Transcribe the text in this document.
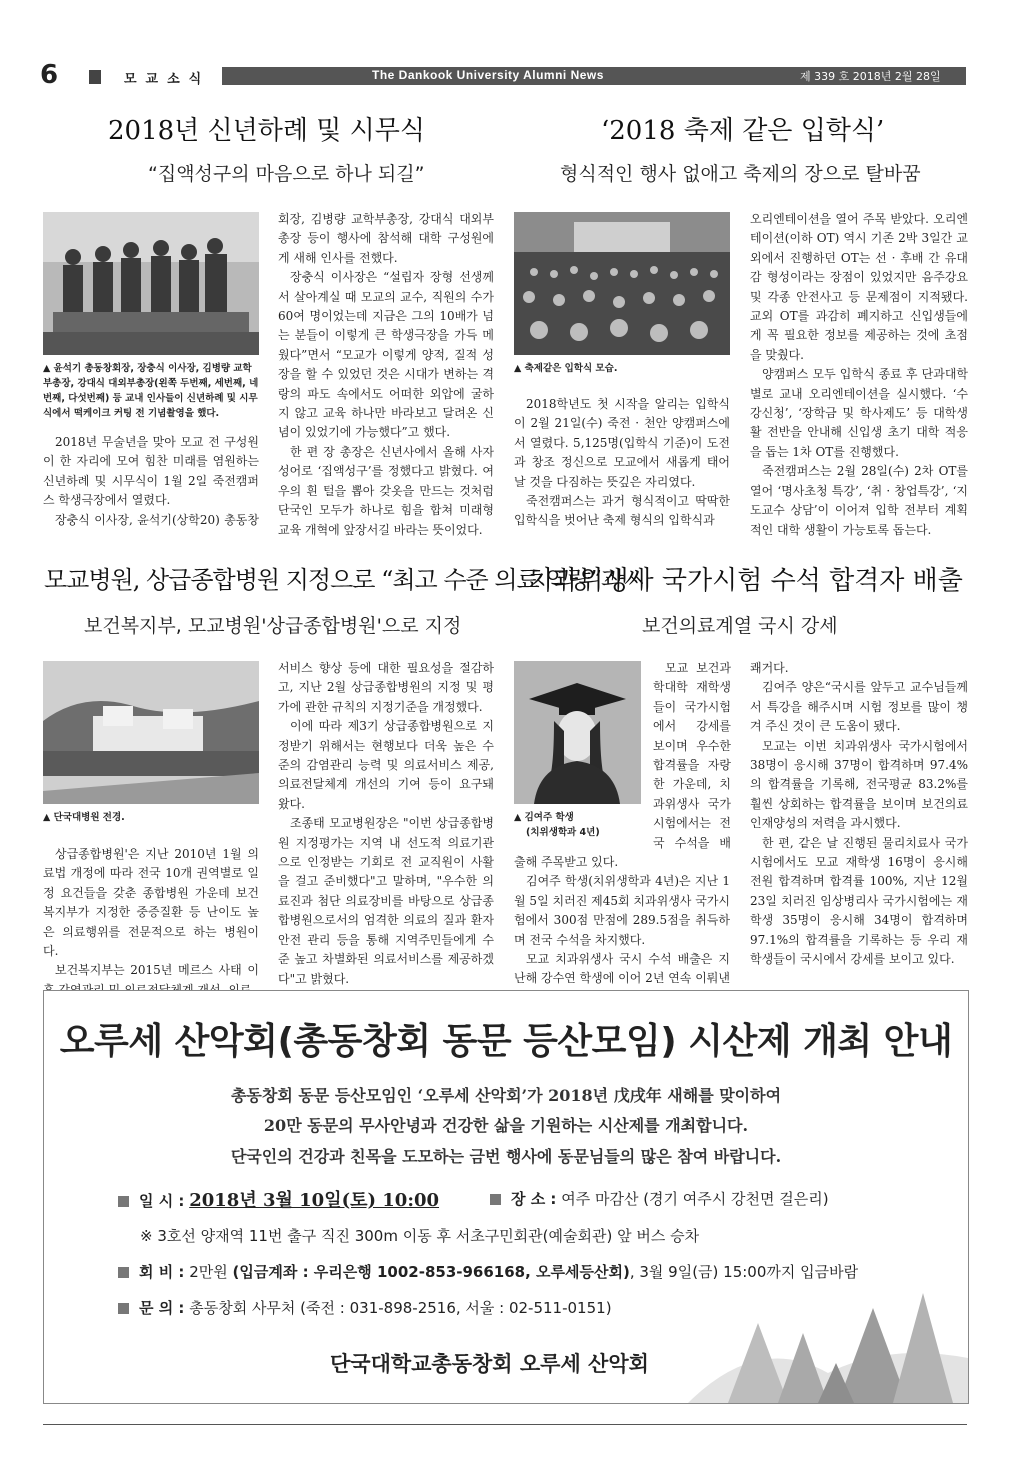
6	모교소식	The Dankook University Alumni News	제 339 호 2018년 2월 28일
2018년 신년하례 및 시무식
“집액성구의 마음으로 하나 되길”
▲ 윤석기 총동창회장, 장충식 이사장, 김병량 교학부총장, 강대식 대외부총장(왼쪽 두번째, 세번째, 네번째, 다섯번째) 등 교내 인사들이 신년하례 및 시무식에서 떡케이크 커팅 전 기념촬영을 했다.

2018년 무술년을 맞아 모교 전 구성원이 한 자리에 모여 힘찬 미래를 염원하는 신년하례 및 시무식이 1월 2일 죽전캠퍼스 학생극장에서 열렸다.

장충식 이사장, 윤석기(상학20) 총동창

회장, 김병량 교학부총장, 강대식 대외부총장 등이 행사에 참석해 대학 구성원에게 새해 인사를 전했다.

장충식 이사장은 “설립자 장형 선생께서 살아계실 때 모교의 교수, 직원의 수가 60여 명이었는데 지금은 그의 10배가 넘는 분들이 이렇게 큰 학생극장을 가득 메웠다”면서 “모교가 이렇게 양적, 질적 성장을 할 수 있었던 것은 시대가 변하는 격랑의 파도 속에서도 어떠한 외압에 굴하지 않고 교육 하나만 바라보고 달려온 신념이 있었기에 가능했다”고 했다.

한 편 장 총장은 신년사에서 올해 사자성어로 ‘집액성구’를 정했다고 밝혔다. 여우의 흰 털을 뽑아 갖옷을 만드는 것처럼 단국인 모두가 하나로 힘을 합쳐 미래형 교육 개혁에 앞장서길 바라는 뜻이었다.

‘2018 축제 같은 입학식’
형식적인 행사 없애고 축제의 장으로 탈바꿈
▲ 축제같은 입학식 모습.

2018학년도 첫 시작을 알리는 입학식이 2월 21일(수) 죽전 · 천안 양캠퍼스에서 열렸다. 5,125명(입학식 기준)이 도전과 창조 정신으로 모교에서 새롭게 태어날 것을 다짐하는 뜻깊은 자리였다.

죽전캠퍼스는 과거 형식적이고 딱딱한 입학식을 벗어난 축제 형식의 입학식과

오리엔테이션을 열어 주목 받았다. 오리엔테이션(이하 OT) 역시 기존 2박 3일간 교외에서 진행하던 OT는 선 · 후배 간 유대감 형성이라는 장점이 있었지만 음주강요 및 각종 안전사고 등 문제점이 지적됐다. 교외 OT를 과감히 폐지하고 신입생들에게 꼭 필요한 정보를 제공하는 것에 초점을 맞췄다.

양캠퍼스 모두 입학식 종료 후 단과대학별로 교내 오리엔테이션을 실시했다. ‘수강신청’, ‘장학금 및 학사제도’ 등 대학생활 전반을 안내해 신입생 초기 대학 적응을 돕는 1차 OT를 진행했다.

죽전캠퍼스는 2월 28일(수) 2차 OT를 열어 ‘명사초청 특강’, ‘취 · 창업특강’, ‘지도교수 상담’이 이어져 입학 전부터 계획적인 대학 생활이 가능토록 돕는다.

모교병원, 상급종합병원 지정으로 “최고 수준 의료 역량”과시
보건복지부, 모교병원'상급종합병원'으로 지정
▲ 단국대병원 전경.

상급종합병원'은 지난 2010년 1월 의료법 개정에 따라 전국 10개 권역별로 일정 요건들을 갖춘 종합병원 가운데 보건복지부가 지정한 중증질환 등 난이도 높은 의료행위를 전문적으로 하는 병원이다.

보건복지부는 2015년 메르스 사태 이

서비스 향상 등에 대한 필요성을 절감하고, 지난 2월 상급종합병원의 지정 및 평가에 관한 규칙의 지정기준을 개정했다.

이에 따라 제3기 상급종합병원으로 지정받기 위해서는 현행보다 더욱 높은 수준의 감염관리 능력 및 의료서비스 제공, 의료전달체계 개선의 기여 등이 요구돼 왔다.

조종태 모교병원장은 "이번 상급종합병원 지정평가는 지역 내 선도적 의료기관으로 인정받는 기회로 전 교직원이 사활을 걸고 준비했다"고 말하며, "우수한 의료진과 첨단 의료장비를 바탕으로 상급종합병원으로서의 엄격한 의료의 질과 환자안전 관리 등을 통해 지역주민들에게 수준 높고 차별화된 의료서비스를 제공하겠다"고 밝혔다.

치과위생사 국가시험 수석 합격자 배출
보건의료계열 국시 강세
▲ 김여주 학생
(치위생학과 4년)
모교 보건과
학대학 재학생
들이 국가시험
에서 강세를
보이며 우수한
합격률을 자랑
한 가운데, 치
과위생사 국가
시험에서는 전
국 수석을 배

출해 주목받고 있다.

김여주 학생(치위생학과 4년)은 지난 1월 5일 치러진 제45회 치과위생사 국가시험에서 300점 만점에 289.5점을 취득하며 전국 수석을 차지했다.

모교 치과위생사 국시 수석 배출은 지난해 강수연 학생에 이어 2년 연속 이뤄낸

쾌거다.

김여주 양은“국시를 앞두고 교수님들께서 특강을 해주시며 시험 정보를 많이 챙겨 주신 것이 큰 도움이 됐다.

모교는 이번 치과위생사 국가시험에서 38명이 응시해 37명이 합격하며 97.4%의 합격률을 기록해, 전국평균 83.2%를 훨씬 상회하는 합격률을 보이며 보건의료 인재양성의 저력을 과시했다.

한 편, 같은 날 진행된 물리치료사 국가시험에서도 모교 재학생 16명이 응시해 전원 합격하며 합격률 100%, 지난 12월 23일 치러진 임상병리사 국가시험에는 재학생 35명이 응시해 34명이 합격하며 97.1%의 합격률을 기록하는 등 우리 재학생들이 국시에서 강세를 보이고 있다.

오루세 산악회(총동창회 동문 등산모임) 시산제 개최 안내
총동창회 동문 등산모임인 ‘오루세 산악회’가 2018년 戊戌年 새해를 맞이하여
20만 동문의 무사안녕과 건강한 삶을 기원하는 시산제를 개최합니다.
단국인의 건강과 친목을 도모하는 금번 행사에 동문님들의 많은 참여 바랍니다.
일 시 : 2018년 3월 10일(토) 10:00	장 소 : 여주 마감산 (경기 여주시 강천면 걸은리)
※ 3호선 양재역 11번 출구 직진 300m 이동 후 서초구민회관(예술회관) 앞 버스 승차
회 비 : 2만원 (입금계좌 : 우리은행 1002-853-966168, 오루세등산회), 3월 9일(금) 15:00까지 입금바람
문 의 : 총동창회 사무처 (죽전 : 031-898-2516, 서울 : 02-511-0151)
단국대학교총동창회 오루세 산악회
